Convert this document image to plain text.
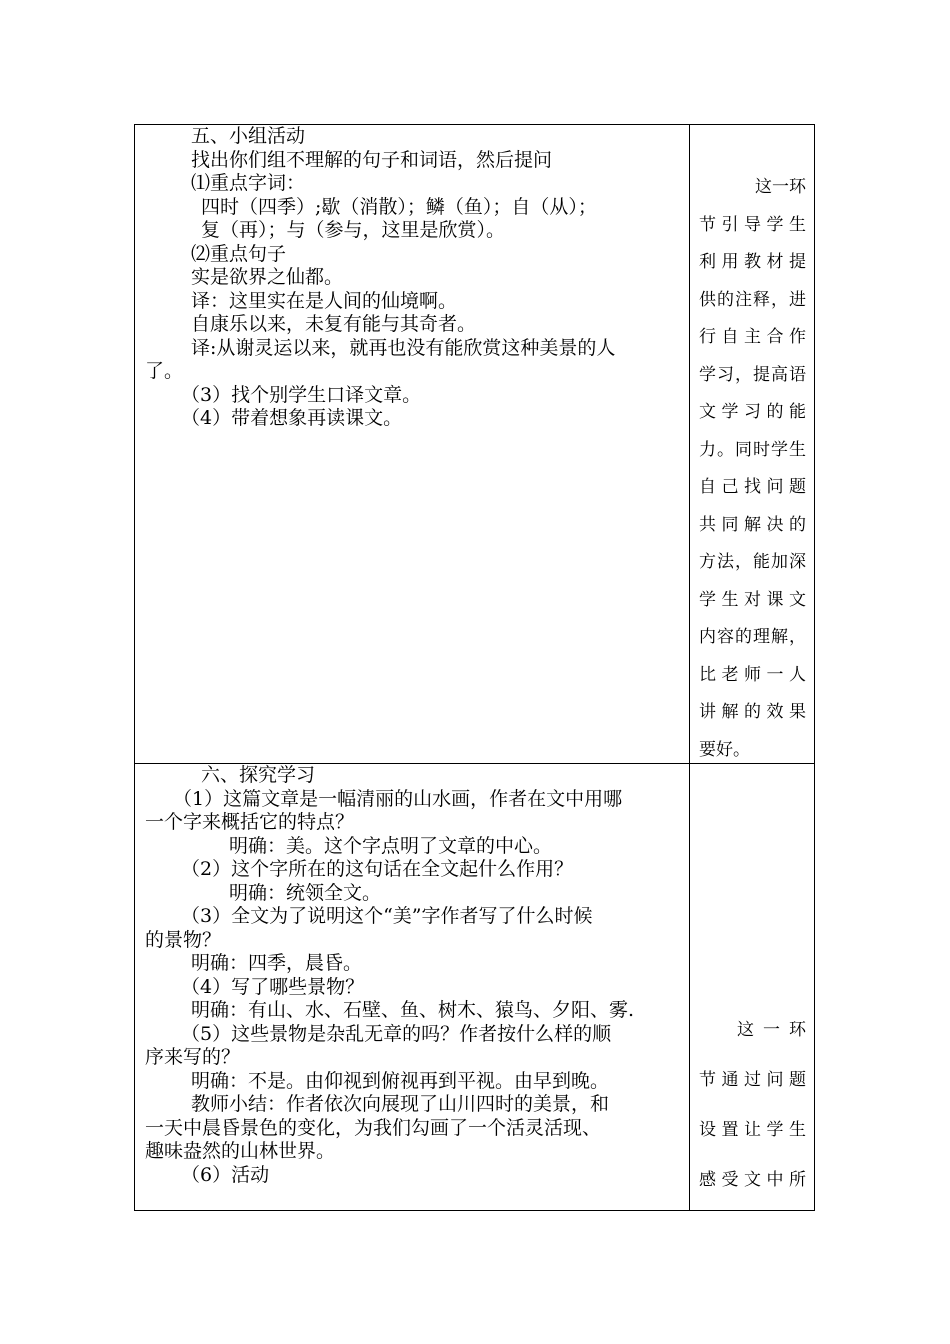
五、小组活动
找出你们组不理解的句子和词语，然后提问
⑴重点字词：
四时（四季）;歇（消散）；鳞（鱼）；自（从）；
复（再）；与（参与，这里是欣赏）。
⑵重点句子
实是欲界之仙都。
译：这里实在是人间的仙境啊。
自康乐以来，未复有能与其奇者。
译:从谢灵运以来，就再也没有能欣赏这种美景的人
了。
（3）找个别学生口译文章。
（4）带着想象再读课文。
这一环
节引导学生
利用教材提
供的注释，进
行自主合作
学习，提高语
文学习的能
力。同时学生
自己找问题
共同解决的
方法，能加深
学生对课文
内容的理解，
比老师一人
讲解的效果
要好。
六、探究学习
（1）这篇文章是一幅清丽的山水画，作者在文中用哪
一个字来概括它的特点？
明确：美。这个字点明了文章的中心。
（2）这个字所在的这句话在全文起什么作用？
明确：统领全文。
（3）全文为了说明这个“美”字作者写了什么时候
的景物？
明确：四季，晨昏。
（4）写了哪些景物？
明确：有山、水、石壁、鱼、树木、猿鸟、夕阳、雾.
（5）这些景物是杂乱无章的吗？作者按什么样的顺
序来写的？
明确：不是。由仰视到俯视再到平视。由早到晚。
教师小结：作者依次向展现了山川四时的美景，和
一天中晨昏景色的变化，为我们勾画了一个活灵活现、
趣味盎然的山林世界。
（6）活动
这一环
节通过问题
设置让学生
感受文中所
